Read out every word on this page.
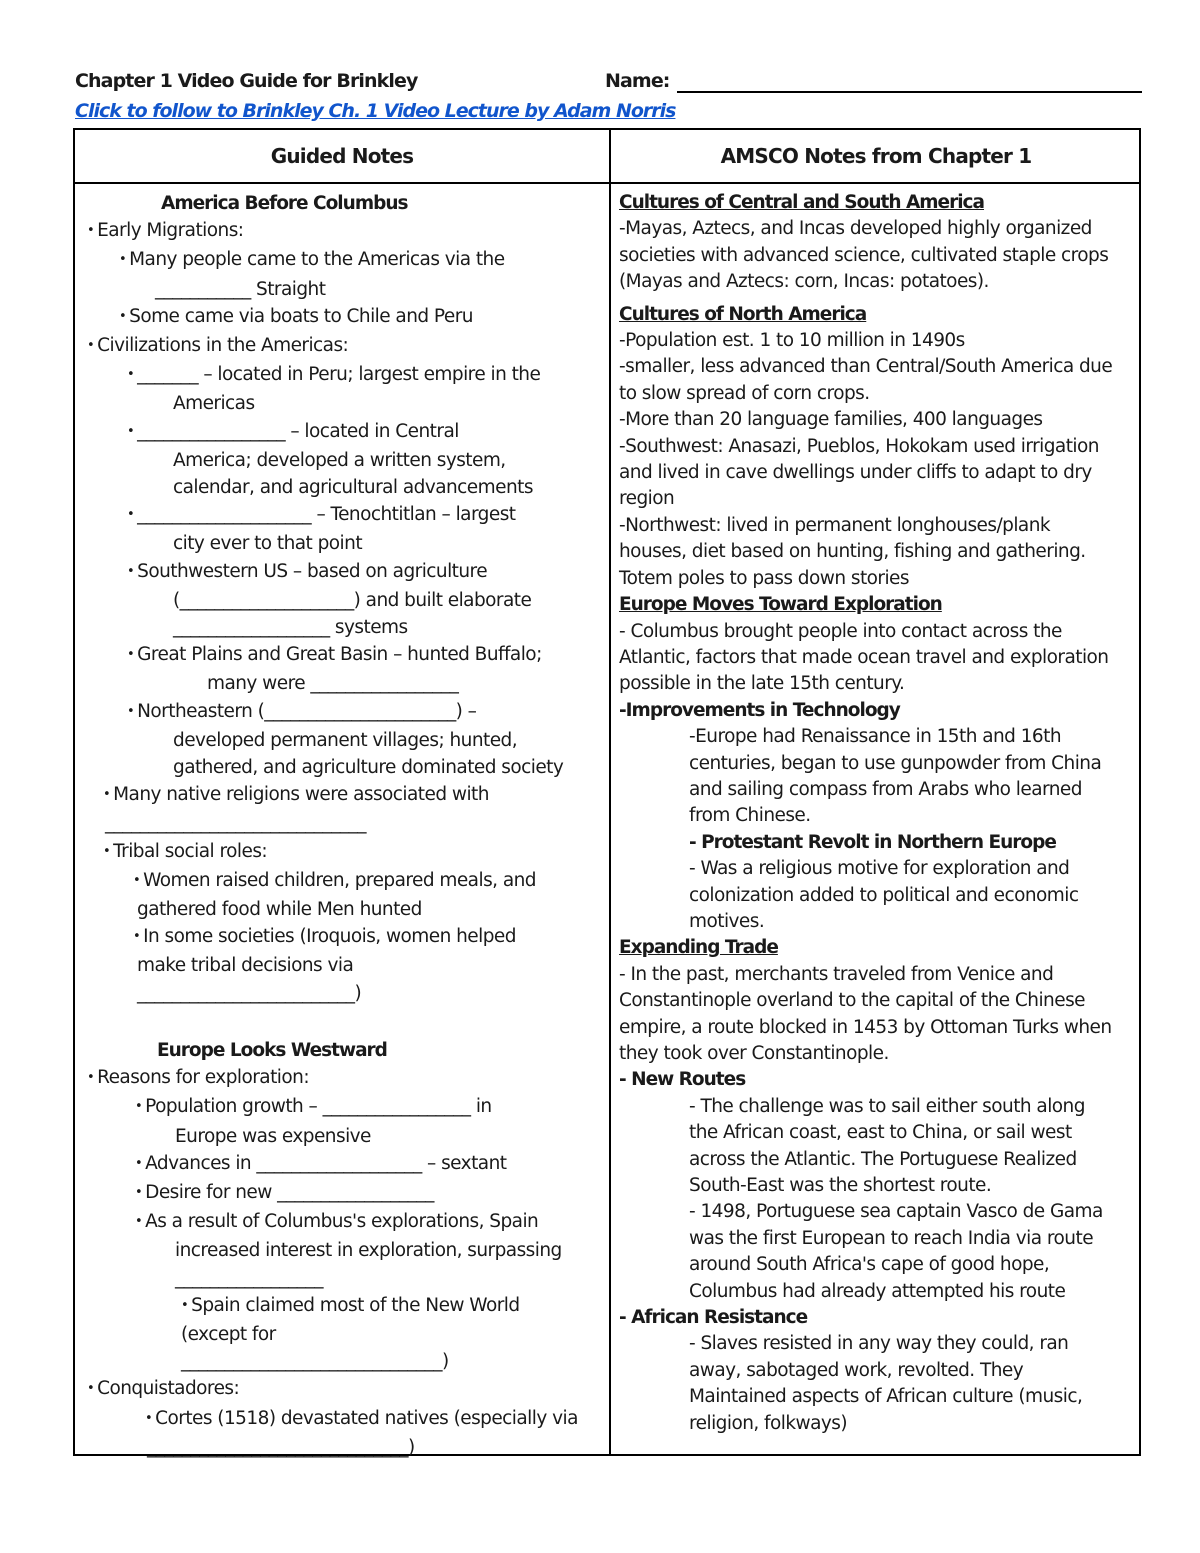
Chapter 1 Video Guide for Brinkley	Name:
Click to follow to Brinkley Ch. 1 Video Lecture by Adam Norris
Guided Notes	AMSCO Notes from Chapter 1
America Before Columbus
• Early Migrations:
• Many people came to the Americas via the
___________ Straight
• Some came via boats to Chile and Peru
• Civilizations in the Americas:
• _______ – located in Peru; largest empire in the
Americas
• _________________ – located in Central
America; developed a written system,
calendar, and agricultural advancements
• ____________________ – Tenochtitlan – largest
city ever to that point
• Southwestern US – based on agriculture
(____________________) and built elaborate
__________________ systems
• Great Plains and Great Basin – hunted Buffalo;
many were _________________
• Northeastern (______________________) –
developed permanent villages; hunted,
gathered, and agriculture dominated society
• Many native religions were associated with
______________________________
• Tribal social roles:
• Women raised children, prepared meals, and
gathered food while Men hunted
• In some societies (Iroquois, women helped
make tribal decisions via
_________________________)
Europe Looks Westward
• Reasons for exploration:
• Population growth – _________________ in
Europe was expensive
• Advances in ___________________ – sextant
• Desire for new __________________
• As a result of Columbus's explorations, Spain
increased interest in exploration, surpassing
_________________
• Spain claimed most of the New World
(except for
______________________________)
• Conquistadores:
• Cortes (1518) devastated natives (especially via
______________________________)
Cultures of Central and South America
-Mayas, Aztecs, and Incas developed highly organized
societies with advanced science, cultivated staple crops
(Mayas and Aztecs: corn, Incas: potatoes).
Cultures of North America
-Population est. 1 to 10 million in 1490s
-smaller, less advanced than Central/South America due
to slow spread of corn crops.
-More than 20 language families, 400 languages
-Southwest: Anasazi, Pueblos, Hokokam used irrigation
and lived in cave dwellings under cliffs to adapt to dry
region
-Northwest: lived in permanent longhouses/plank
houses, diet based on hunting, fishing and gathering.
Totem poles to pass down stories
Europe Moves Toward Exploration
- Columbus brought people into contact across the
Atlantic, factors that made ocean travel and exploration
possible in the late 15th century.
-Improvements in Technology
-Europe had Renaissance in 15th and 16th
centuries, began to use gunpowder from China
and sailing compass from Arabs who learned
from Chinese.
- Protestant Revolt in Northern Europe
- Was a religious motive for exploration and
colonization added to political and economic
motives.
Expanding Trade
- In the past, merchants traveled from Venice and
Constantinople overland to the capital of the Chinese
empire, a route blocked in 1453 by Ottoman Turks when
they took over Constantinople.
- New Routes
- The challenge was to sail either south along
the African coast, east to China, or sail west
across the Atlantic. The Portuguese Realized
South-East was the shortest route.
- 1498, Portuguese sea captain Vasco de Gama
was the first European to reach India via route
around South Africa's cape of good hope,
Columbus had already attempted his route
- African Resistance
- Slaves resisted in any way they could, ran
away, sabotaged work, revolted. They
Maintained aspects of African culture (music,
religion, folkways)
